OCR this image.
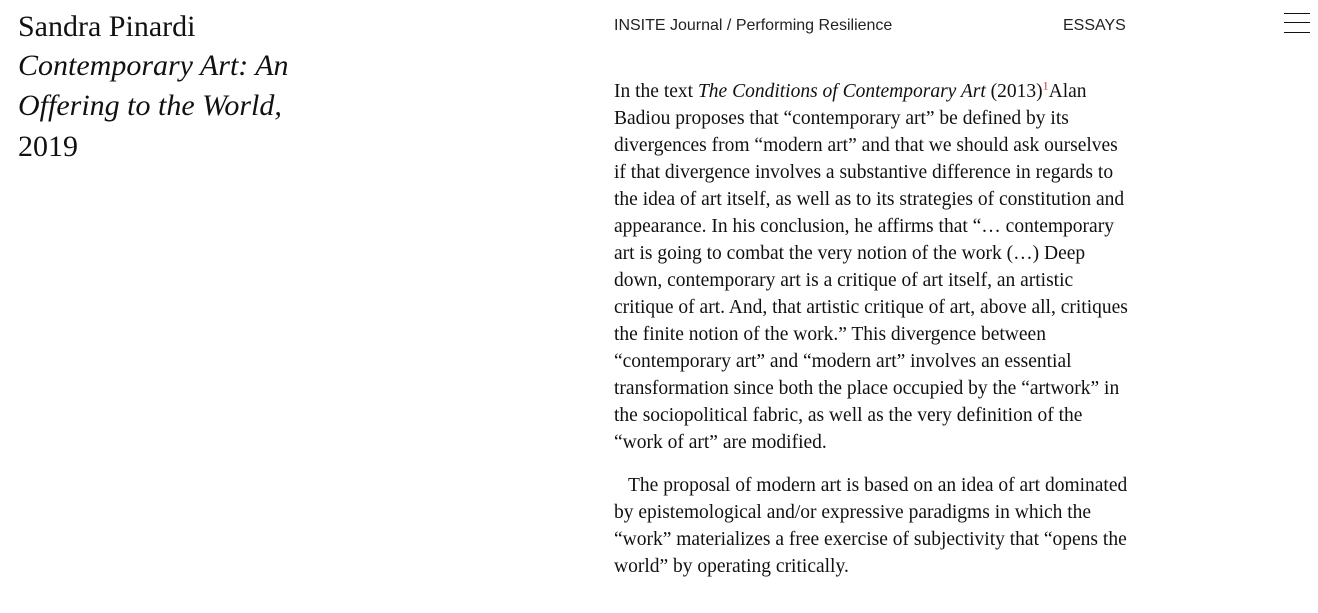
Sandra Pinardi
Contemporary Art: An Offering to the World,
2019
INSITE Journal / Performing Resilience	ESSAYS

In the text The Conditions of Contemporary Art (2013)$^1$Alan Badiou proposes that “contemporary art” be defined by its divergences from “modern art” and that we should ask ourselves if that divergence involves a substantive difference in regards to the idea of art itself, as well as to its strategies of constitution and appearance. In his conclusion, he affirms that “… contemporary art is going to combat the very notion of the work (…) Deep down, contemporary art is a critique of art itself, an artistic critique of art. And, that artistic critique of art, above all, critiques the finite notion of the work.” This divergence between “contemporary art” and “modern art” involves an essential transformation since both the place occupied by the “artwork” in the sociopolitical fabric, as well as the very definition of the “work of art” are modified.

The proposal of modern art is based on an idea of art dominated by epistemological and/or expressive paradigms in which the “work” materializes a free exercise of subjectivity that “opens the world” by operating critically.
